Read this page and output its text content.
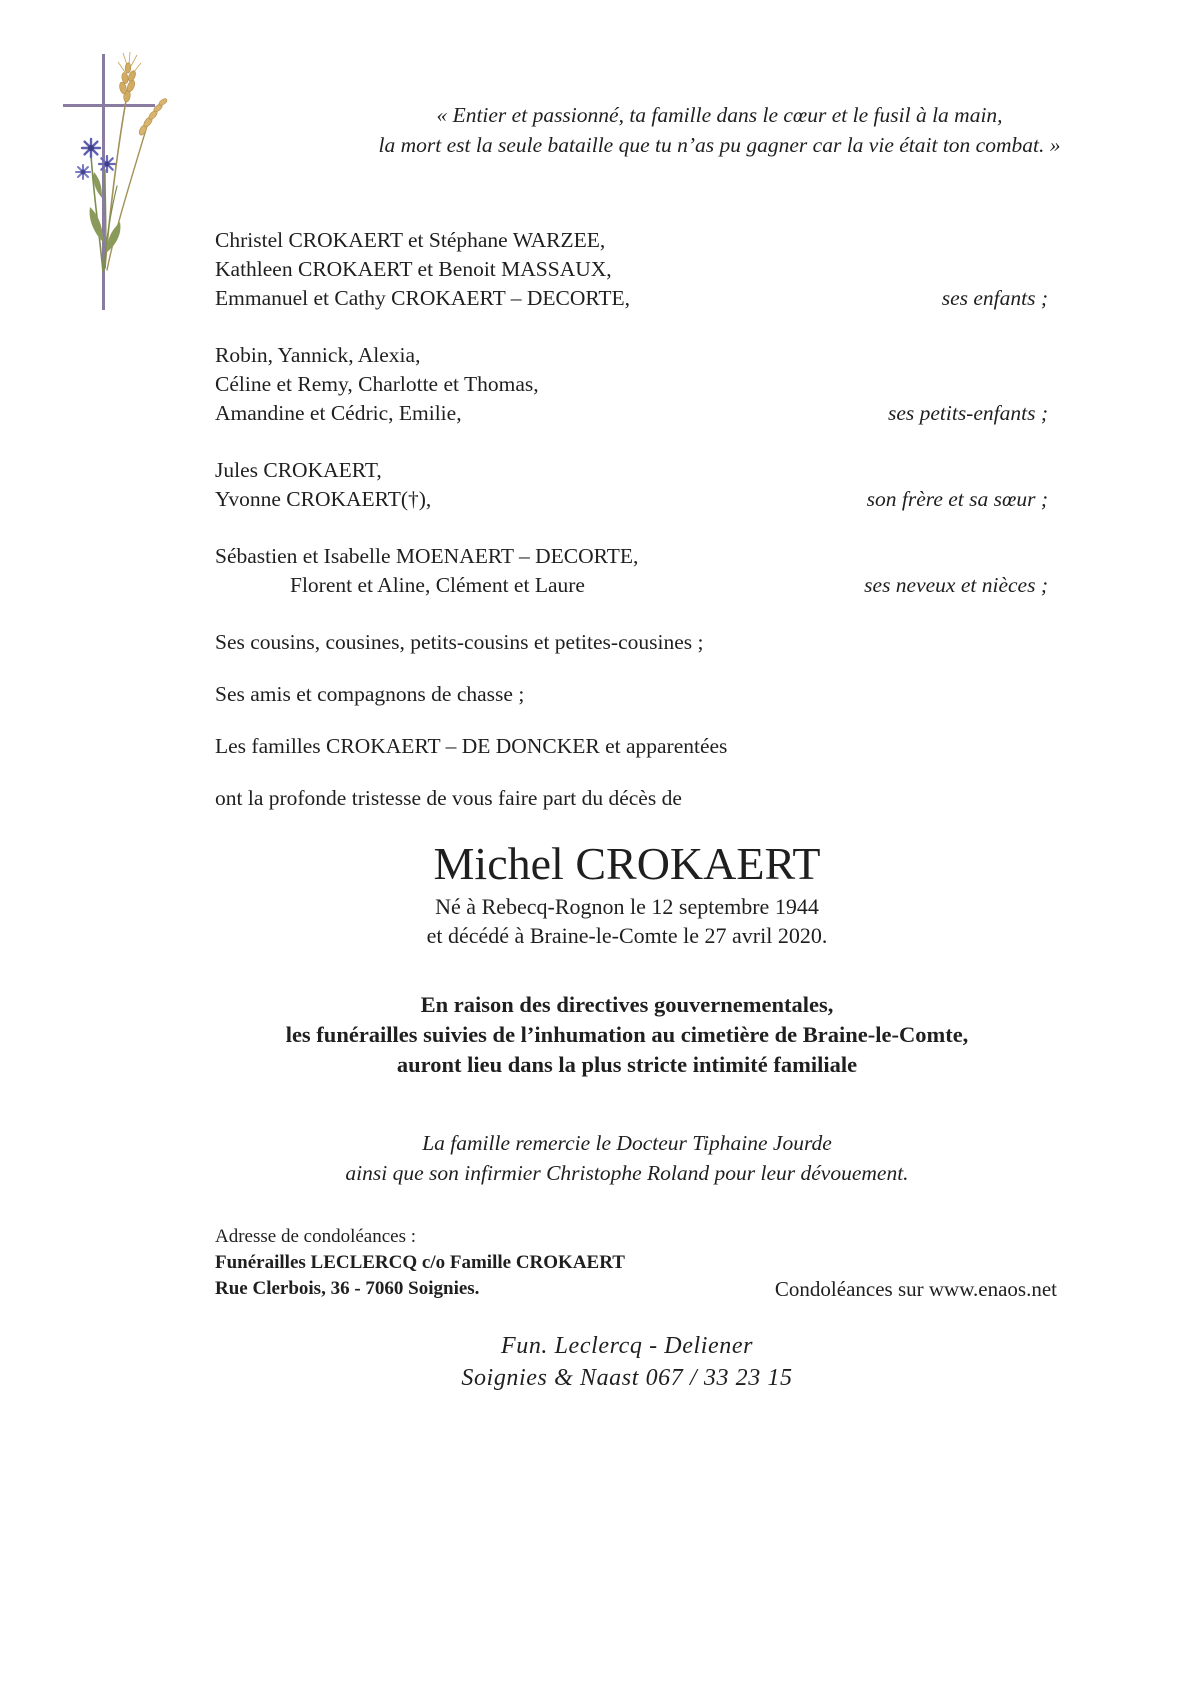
« Entier et passionné, ta famille dans le cœur et le fusil à la main,
la mort est la seule bataille que tu n’as pu gagner car la vie était ton combat. »

Christel CROKAERT et Stéphane WARZEE,

Kathleen CROKAERT et Benoit MASSAUX,

Emmanuel et Cathy CROKAERT – DECORTE,	ses enfants ;

Robin, Yannick, Alexia,

Céline et Remy, Charlotte et Thomas,

Amandine et Cédric, Emilie,	ses petits-enfants ;

Jules CROKAERT,

Yvonne CROKAERT(†),	son frère et sa sœur ;

Sébastien et Isabelle MOENAERT – DECORTE,

Florent et Aline, Clément et Laure	ses neveux et nièces ;

Ses cousins, cousines, petits-cousins et petites-cousines ;

Ses amis et compagnons de chasse ;

Les familles CROKAERT – DE DONCKER et apparentées

ont la profonde tristesse de vous faire part du décès de

Michel CROKAERT

Né à Rebecq-Rognon le 12 septembre 1944

et décédé à Braine-le-Comte le 27 avril 2020.

En raison des directives gouvernementales,

les funérailles suivies de l’inhumation au cimetière de Braine-le-Comte,

auront lieu dans la plus stricte intimité familiale

La famille remercie le Docteur Tiphaine Jourde

ainsi que son infirmier Christophe Roland pour leur dévouement.

Adresse de condoléances :

Funérailles LECLERCQ c/o Famille CROKAERT

Rue Clerbois, 36 - 7060 Soignies.	Condoléances sur www.enaos.net

Fun. Leclercq - Deliener

Soignies & Naast 067 / 33 23 15
